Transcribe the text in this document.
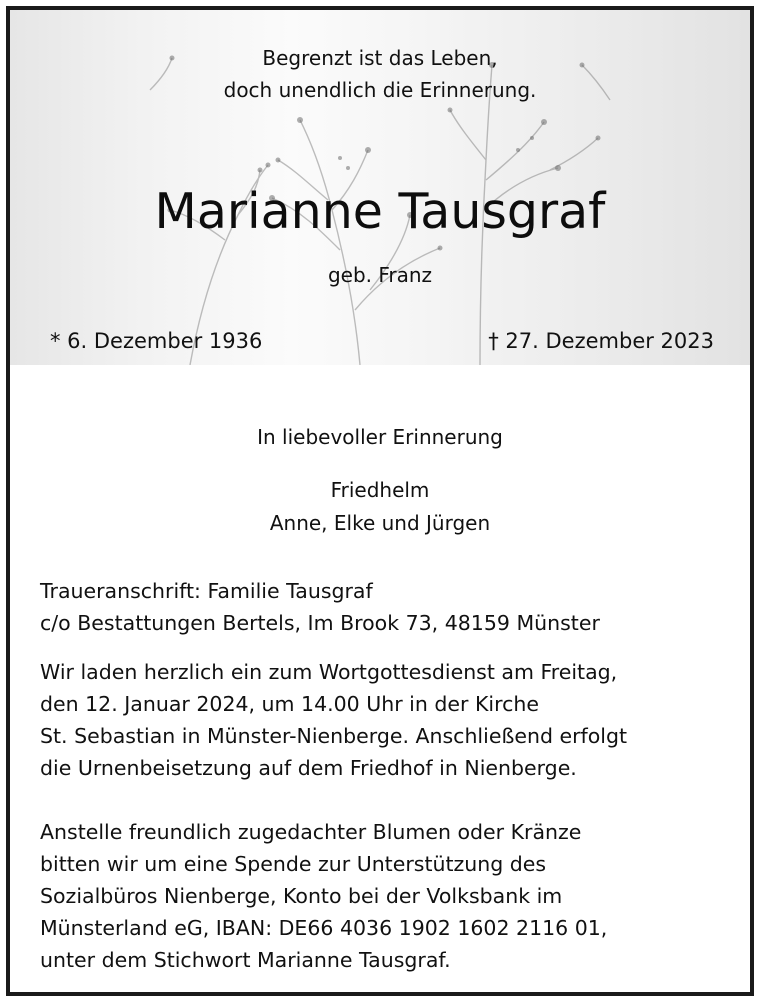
Begrenzt ist das Leben,
doch unendlich die Erinnerung.
Marianne Tausgraf
geb. Franz
* 6. Dezember 1936	† 27. Dezember 2023
In liebevoller Erinnerung
Friedhelm
Anne, Elke und Jürgen
Traueranschrift: Familie Tausgraf
c/o Bestattungen Bertels, Im Brook 73, 48159 Münster
Wir laden herzlich ein zum Wortgottesdienst am Freitag,
den 12. Januar 2024, um 14.00 Uhr in der Kirche
St. Sebastian in Münster-Nienberge. Anschließend erfolgt
die Urnenbeisetzung auf dem Friedhof in Nienberge.
Anstelle freundlich zugedachter Blumen oder Kränze
bitten wir um eine Spende zur Unterstützung des
Sozialbüros Nienberge, Konto bei der Volksbank im
Münsterland eG, IBAN: DE66 4036 1902 1602 2116 01,
unter dem Stichwort Marianne Tausgraf.
